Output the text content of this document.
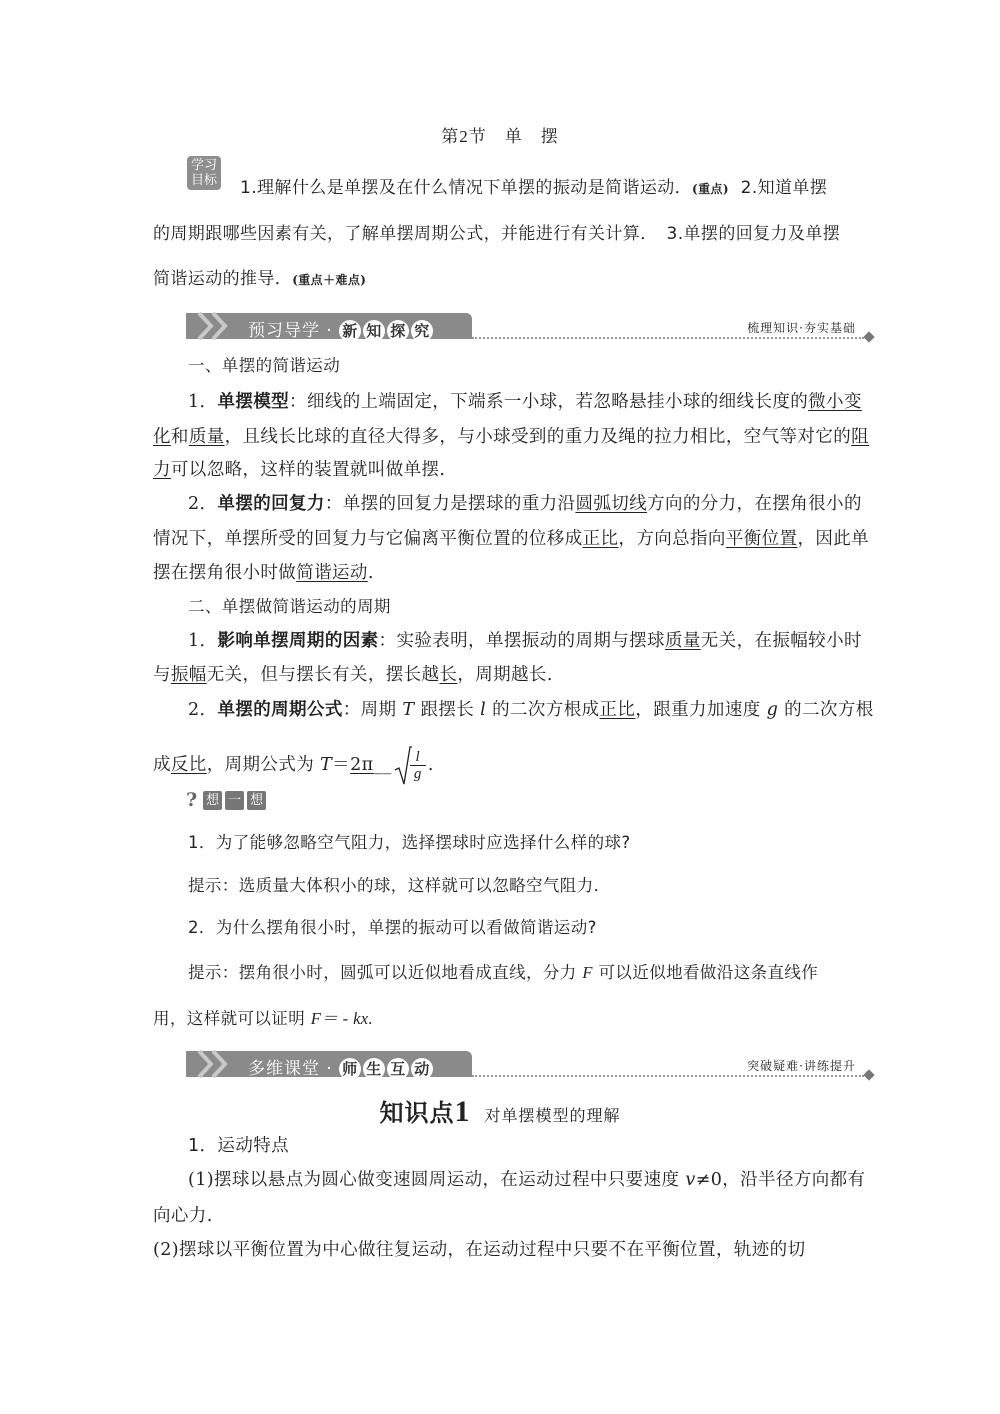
第2节　单　摆
学习
目标 1.理解什么是单摆及在什么情况下单摆的振动是简谐运动．(重点) 2.知道单摆
的周期跟哪些因素有关，了解单摆周期公式，并能进行有关计算．　3.单摆的回复力及单摆
简谐运动的推导．(重点＋难点)
预习导学 · 新 知 探 究	梳理知识·夯实基础
一、单摆的简谐运动
1．单摆模型：细线的上端固定，下端系一小球，若忽略悬挂小球的细线长度的微小变
化和质量，且线长比球的直径大得多，与小球受到的重力及绳的拉力相比，空气等对它的阻
力可以忽略，这样的装置就叫做单摆.
2．单摆的回复力：单摆的回复力是摆球的重力沿圆弧切线方向的分力，在摆角很小的
情况下，单摆所受的回复力与它偏离平衡位置的位移成正比，方向总指向平衡位置，因此单
摆在摆角很小时做简谐运动.
二、单摆做简谐运动的周期
1．影响单摆周期的因素：实验表明，单摆振动的周期与摆球质量无关，在振幅较小时
与振幅无关，但与摆长有关，摆长越长，周期越长.
2．单摆的周期公式：周期 T 跟摆长 l 的二次方根成正比，跟重力加速度 g 的二次方根
成反比，周期公式为 T＝2π__ $\frac{l}{g}$ .
? 想 一 想
1．为了能够忽略空气阻力，选择摆球时应选择什么样的球?
提示：选质量大体积小的球，这样就可以忽略空气阻力．
2．为什么摆角很小时，单摆的振动可以看做简谐运动?
提示：摆角很小时，圆弧可以近似地看成直线，分力 F 可以近似地看做沿这条直线作
用，这样就可以证明 F＝ - kx.
多维课堂 · 师 生 互 动	突破疑难·讲练提升
知识点1 对单摆模型的理解
1．运动特点
(1)摆球以悬点为圆心做变速圆周运动，在运动过程中只要速度 v≠0，沿半径方向都有
向心力.
(2)摆球以平衡位置为中心做往复运动，在运动过程中只要不在平衡位置，轨迹的切
